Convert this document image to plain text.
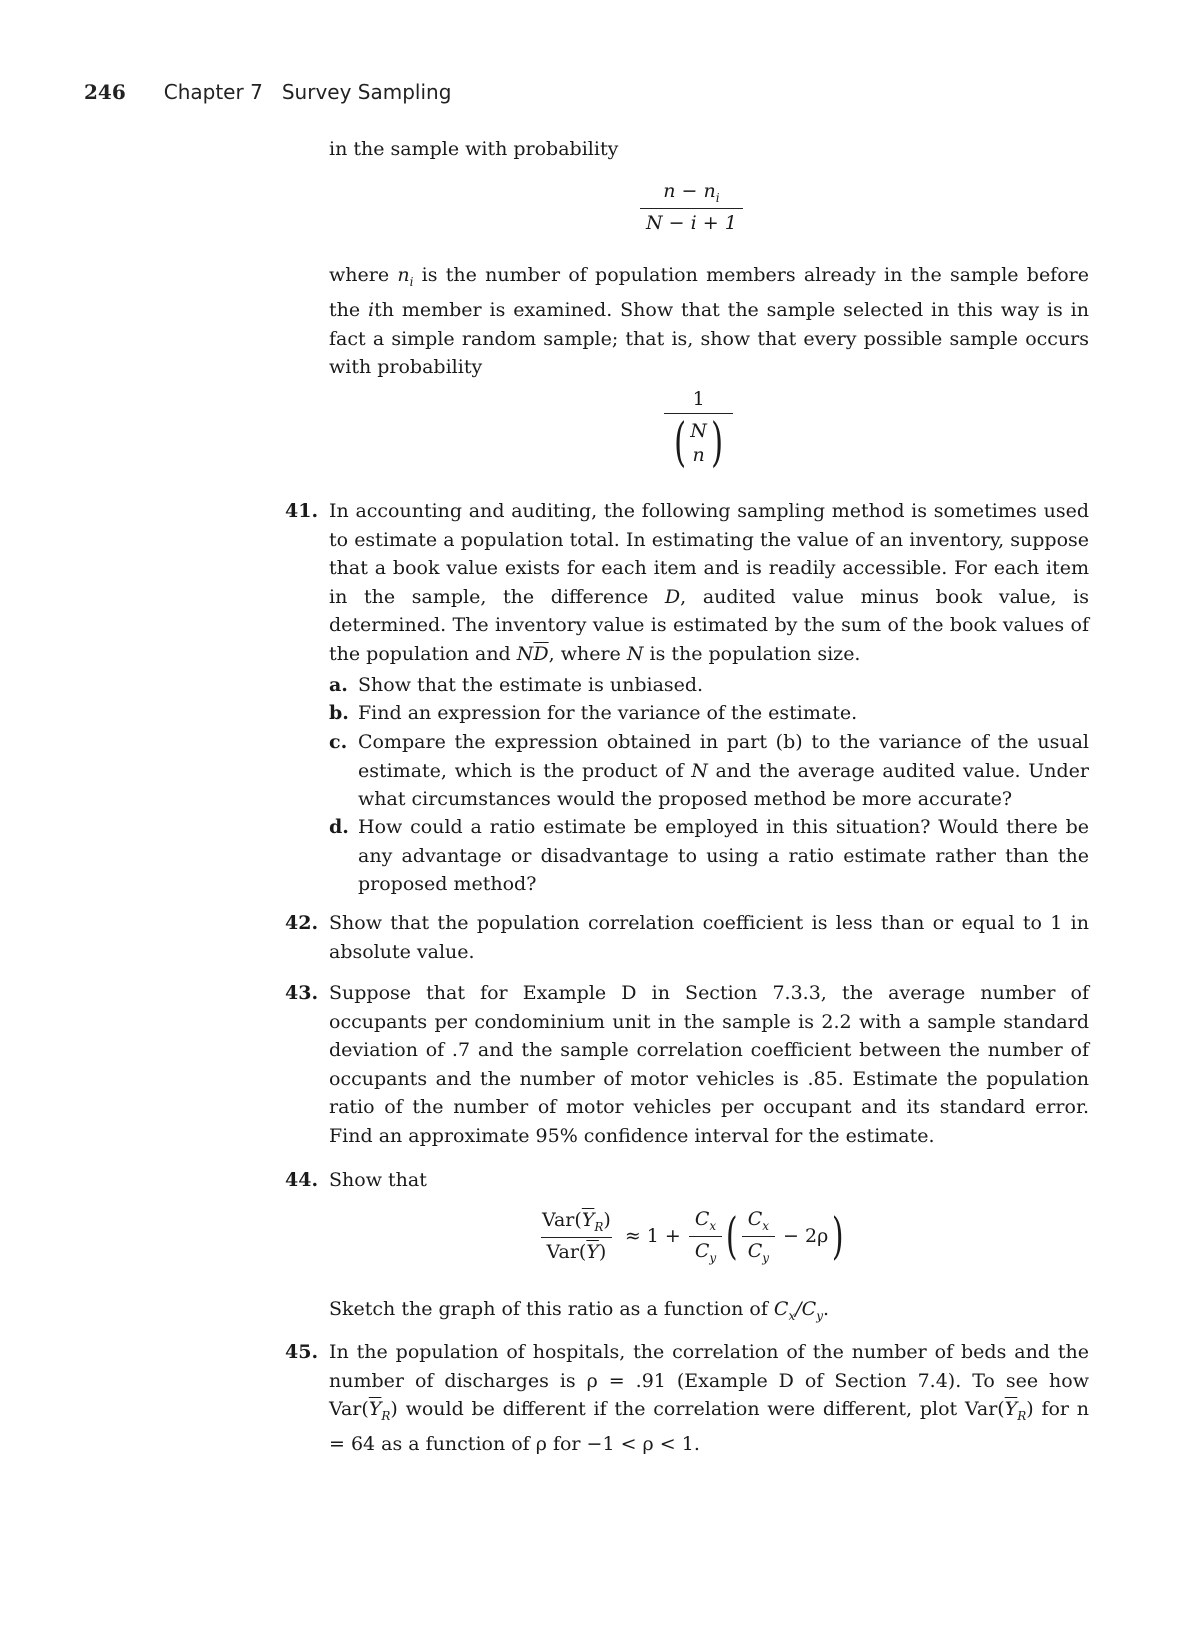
246 Chapter 7   Survey Sampling
in the sample with probability
$\frac{n - n_i}{N - i + 1}$
where $n_i$ is the number of population members already in the sample before the ith member is examined. Show that the sample selected in this way is in fact a simple random sample; that is, show that every possible sample occurs with probability
1
( N
n )
41. In accounting and auditing, the following sampling method is sometimes used to estimate a population total. In estimating the value of an inventory, suppose that a book value exists for each item and is readily accessible. For each item in the sample, the difference D, audited value minus book value, is determined. The inventory value is estimated by the sum of the book values of the population and $N\overline{D}$, where N is the population size.
a. Show that the estimate is unbiased.
b. Find an expression for the variance of the estimate.
c. Compare the expression obtained in part (b) to the variance of the usual estimate, which is the product of N and the average audited value. Under what circumstances would the proposed method be more accurate?
d. How could a ratio estimate be employed in this situation? Would there be any advantage or disadvantage to using a ratio estimate rather than the proposed method?
42. Show that the population correlation coefficient is less than or equal to 1 in absolute value.
43. Suppose that for Example D in Section 7.3.3, the average number of occupants per condominium unit in the sample is 2.2 with a sample standard deviation of .7 and the sample correlation coefficient between the number of occupants and the number of motor vehicles is .85. Estimate the population ratio of the number of motor vehicles per occupant and its standard error. Find an approximate 95% confidence interval for the estimate.
44. Show that
$\frac{Var(\overline{Y}_R)}{Var(\overline{Y})} \approx 1 + \frac{C_x}{C_y}$ ( $\frac{C_x}{C_y} - 2\rho$ )
Sketch the graph of this ratio as a function of $C_x/C_y$.
45. In the population of hospitals, the correlation of the number of beds and the number of discharges is ρ = .91 (Example D of Section 7.4). To see how $Var(\overline{Y}_R)$ would be different if the correlation were different, plot $Var(\overline{Y}_R)$ for n = 64 as a function of ρ for −1 < ρ < 1.
